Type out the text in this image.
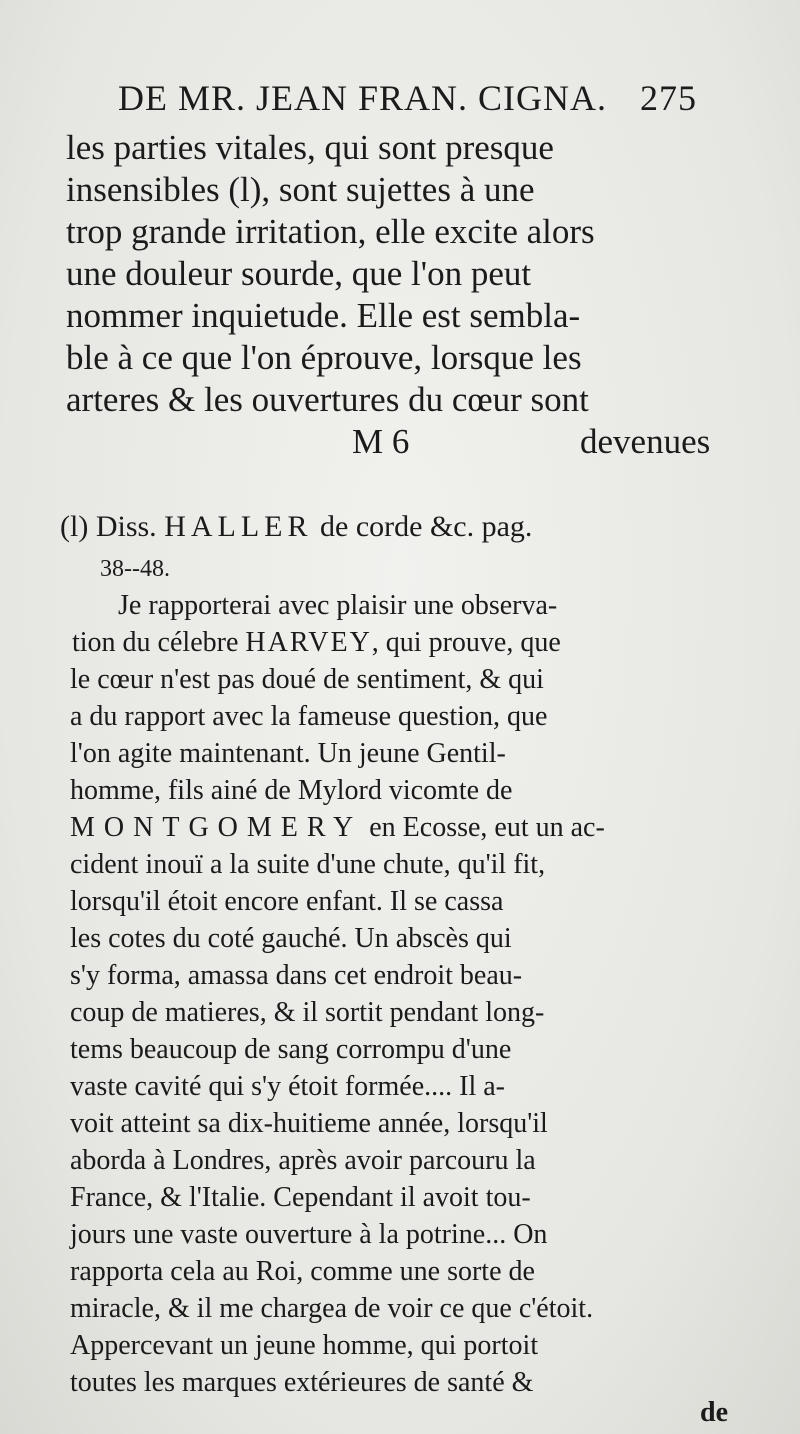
DE MR. JEAN FRAN. CIGNA. 275
les parties vitales, qui sont presque
insensibles (l), sont sujettes à une
trop grande irritation, elle excite alors
une douleur sourde, que l'on peut
nommer inquietude. Elle est sembla-
ble à ce que l'on éprouve, lorsque les
arteres & les ouvertures du cœur sont
M 6	devenues
(l) Diss. HALLER de corde &c. pag.
38--48.
Je rapporterai avec plaisir une observa-
tion du célebre HARVEY, qui prouve, que
le cœur n'est pas doué de sentiment, & qui
a du rapport avec la fameuse question, que
l'on agite maintenant. Un jeune Gentil-
homme, fils ainé de Mylord vicomte de
MONTGOMERY en Ecosse, eut un ac-
cident inouï a la suite d'une chute, qu'il fit,
lorsqu'il étoit encore enfant. Il se cassa
les cotes du coté gauché. Un abscès qui
s'y forma, amassa dans cet endroit beau-
coup de matieres, & il sortit pendant long-
tems beaucoup de sang corrompu d'une
vaste cavité qui s'y étoit formée.... Il a-
voit atteint sa dix-huitieme année, lorsqu'il
aborda à Londres, après avoir parcouru la
France, & l'Italie. Cependant il avoit tou-
jours une vaste ouverture à la potrine... On
rapporta cela au Roi, comme une sorte de
miracle, & il me chargea de voir ce que c'étoit.
Appercevant un jeune homme, qui portoit
toutes les marques extérieures de santé &
de
